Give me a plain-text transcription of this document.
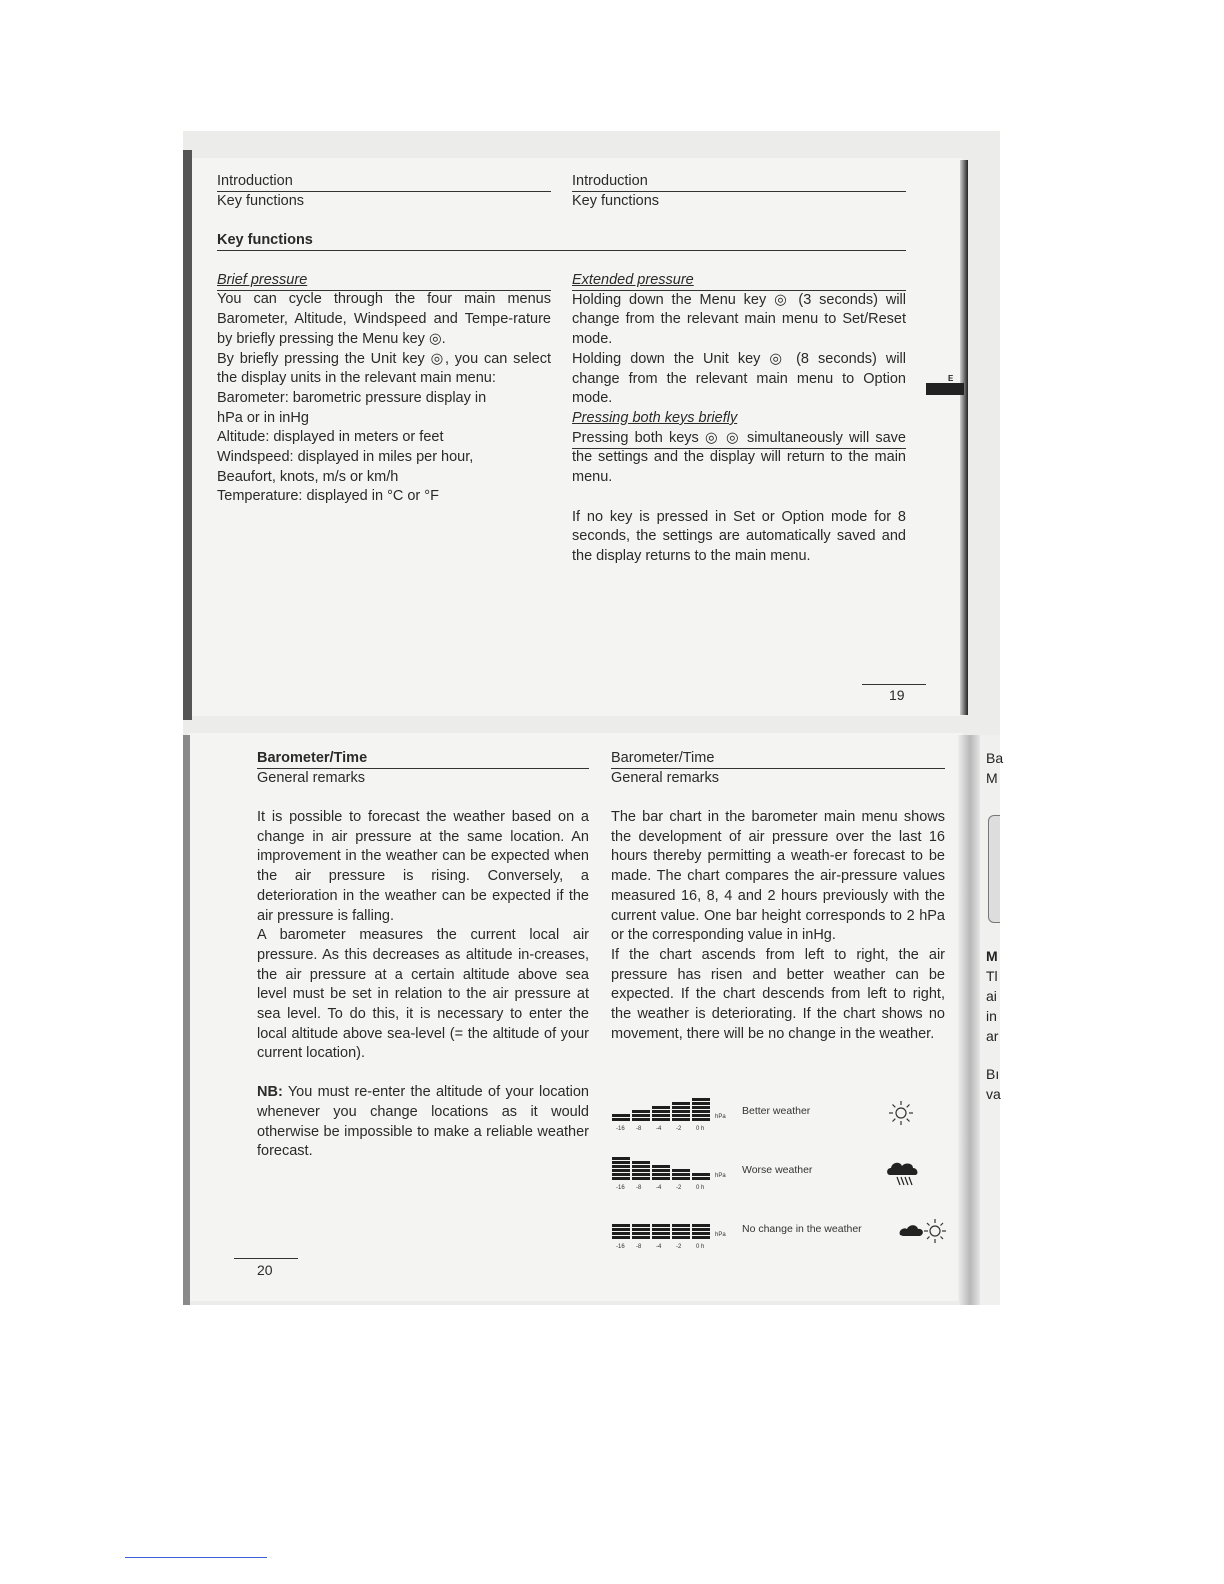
E
Introduction
Key functions
Introduction
Key functions
Key functions
Brief pressure

You can cycle through the four main menus Barometer, Altitude, Windspeed and Tempe-rature by briefly pressing the Menu key ◎.

By briefly pressing the Unit key ◎, you can select the display units in the relevant main menu:

Barometer: barometric pressure display in
hPa or in inHg
Altitude: displayed in meters or feet
Windspeed: displayed in miles per hour,
Beaufort, knots, m/s or km/h
Temperature: displayed in °C or °F
Extended pressure

Holding down the Menu key ◎ (3 seconds) will change from the relevant main menu to Set/Reset mode.

Holding down the Unit key ◎ (8 seconds) will change from the relevant main menu to Option mode.

Pressing both keys briefly

Pressing both keys ◎ ◎ simultaneously will save the settings and the display will return to the main menu.

If no key is pressed in Set or Option mode for 8 seconds, the settings are automatically saved and the display returns to the main menu.

19
Ba
M
M
Tl
ai
in
ar
Bı
va
Barometer/Time
General remarks
Barometer/Time
General remarks

It is possible to forecast the weather based on a change in air pressure at the same location. An improvement in the weather can be expected when the air pressure is rising. Conversely, a deterioration in the weather can be expected if the air pressure is falling.

A barometer measures the current local air pressure. As this decreases as altitude in-creases, the air pressure at a certain altitude above sea level must be set in relation to the air pressure at sea level. To do this, it is necessary to enter the local altitude above sea-level (= the altitude of your current location).

NB: You must re-enter the altitude of your location whenever you change locations as it would otherwise be impossible to make a reliable weather forecast.

The bar chart in the barometer main menu shows the development of air pressure over the last 16 hours thereby permitting a weath-er forecast to be made. The chart compares the air-pressure values measured 16, 8, 4 and 2 hours previously with the current value. One bar height corresponds to 2 hPa or the corresponding value in inHg.

If the chart ascends from left to right, the air pressure has risen and better weather can be expected. If the chart descends from left to right, the weather is deteriorating. If the chart shows no movement, there will be no change in the weather.

-16 -8 -4 -2 0 h
hPa Better weather
-16 -8 -4 -2 0 h
hPa Worse weather
-16 -8 -4 -2 0 h
hPa No change in the weather
20
